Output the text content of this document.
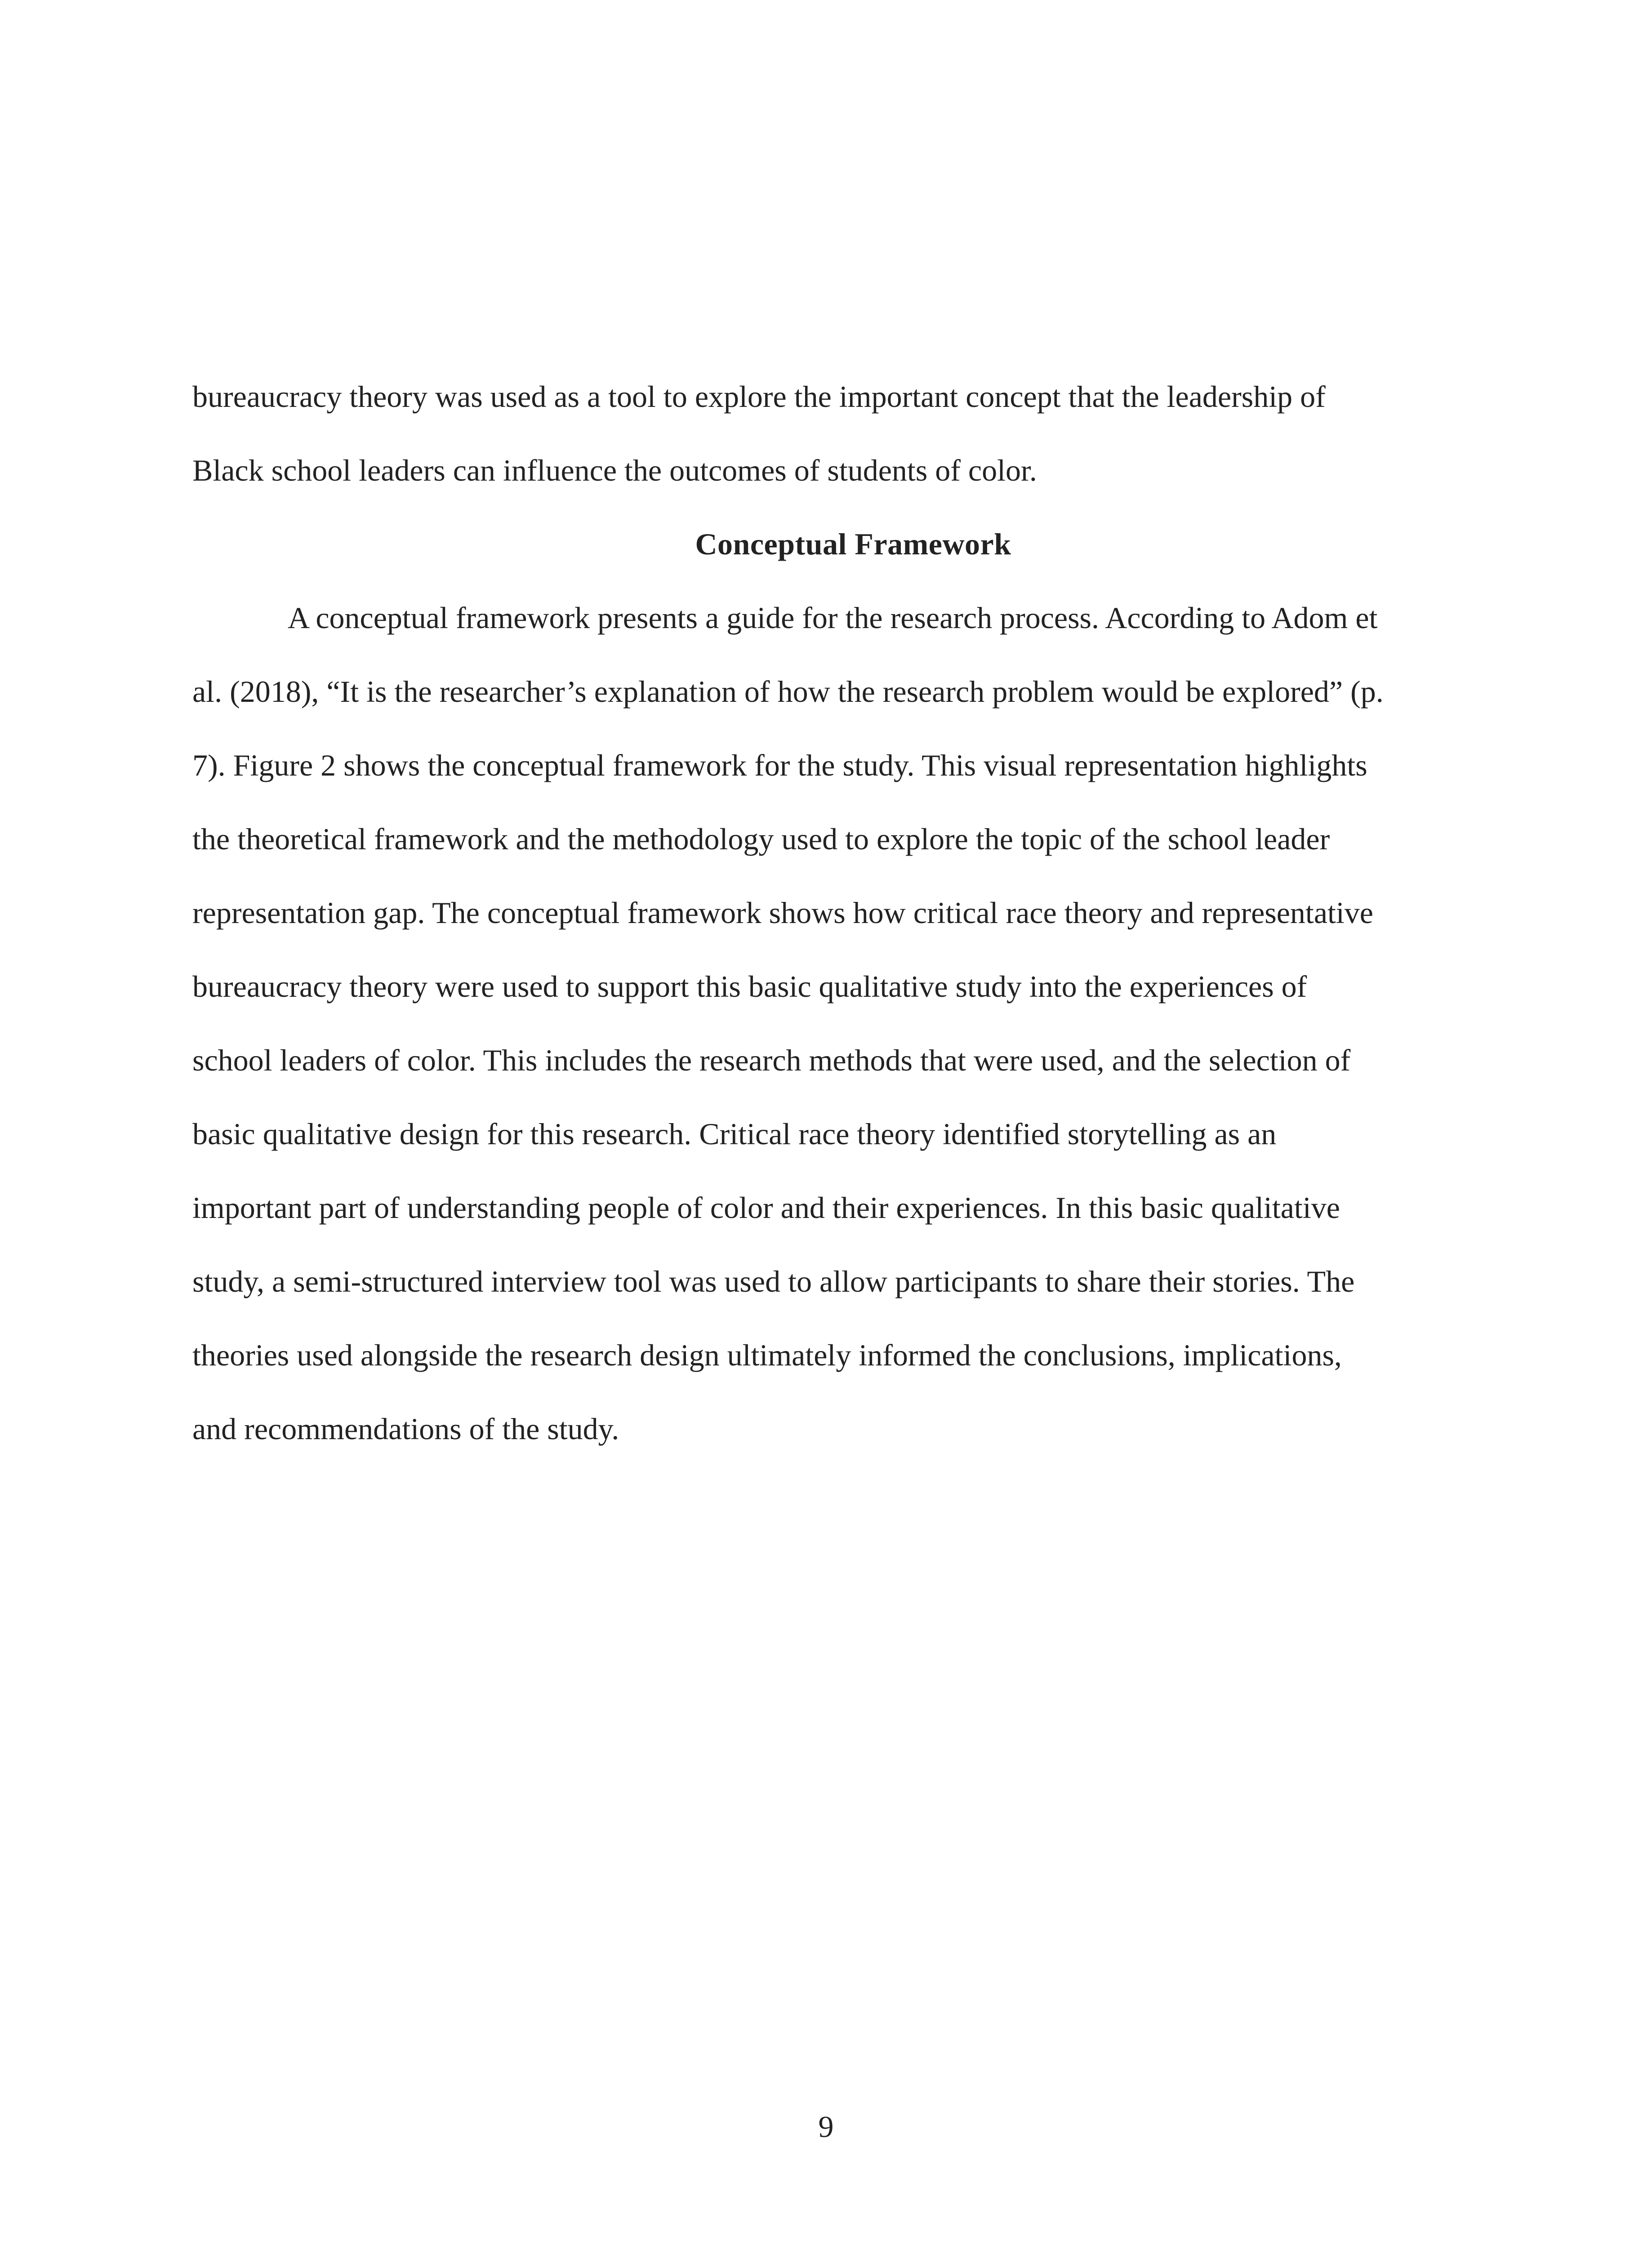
bureaucracy theory was used as a tool to explore the important concept that the leadership of
Black school leaders can influence the outcomes of students of color.
Conceptual Framework
A conceptual framework presents a guide for the research process. According to Adom et
al. (2018), “It is the researcher’s explanation of how the research problem would be explored” (p.
7). Figure 2 shows the conceptual framework for the study. This visual representation highlights
the theoretical framework and the methodology used to explore the topic of the school leader
representation gap. The conceptual framework shows how critical race theory and representative
bureaucracy theory were used to support this basic qualitative study into the experiences of
school leaders of color. This includes the research methods that were used, and the selection of
basic qualitative design for this research. Critical race theory identified storytelling as an
important part of understanding people of color and their experiences. In this basic qualitative
study, a semi-structured interview tool was used to allow participants to share their stories. The
theories used alongside the research design ultimately informed the conclusions, implications,
and recommendations of the study.
9
